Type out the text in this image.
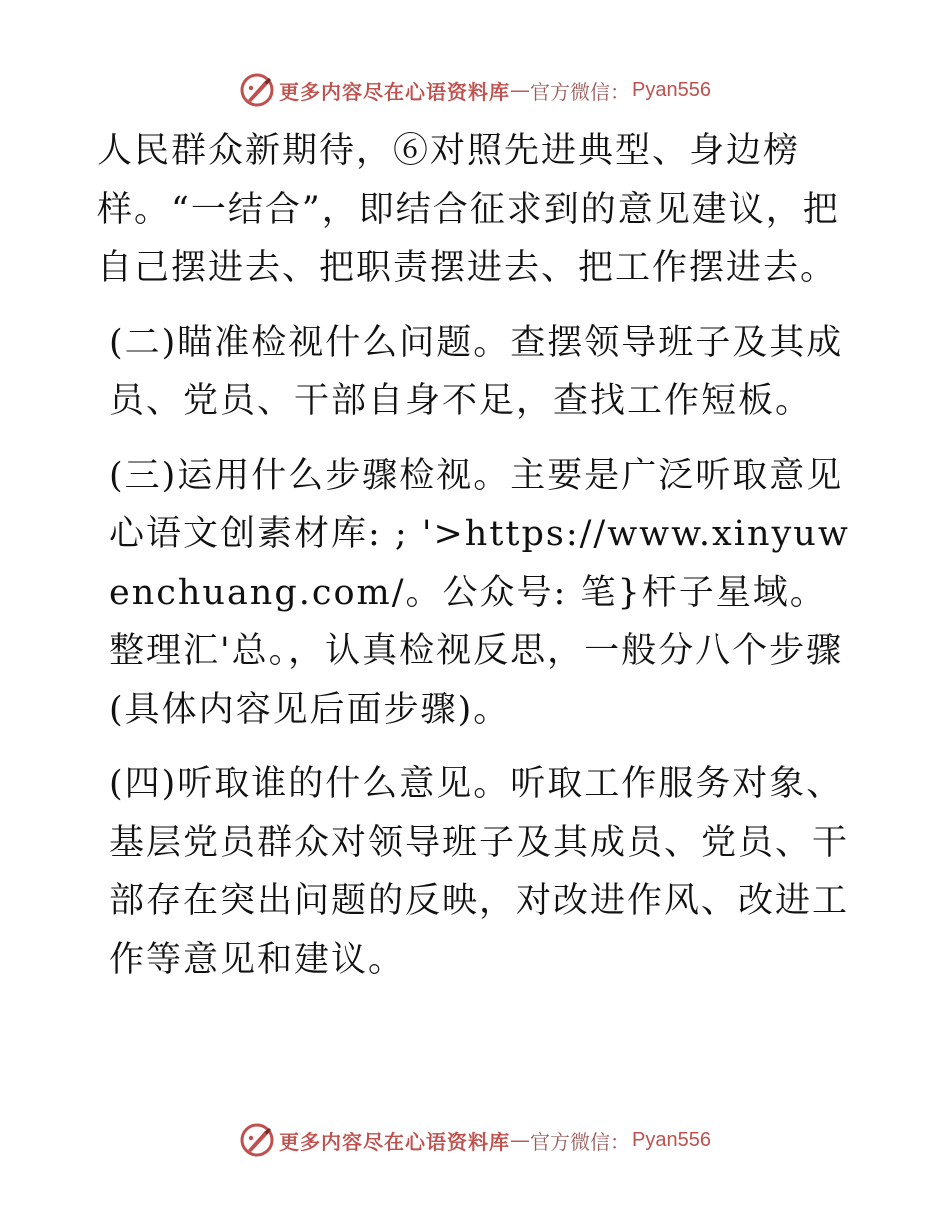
更多内容尽在心语资料库 — 官方微信： Pyan556

人民群众新期待，⑥对照先进典型、身边榜样。“一结合”，即结合征求到的意见建议，把自己摆进去、把职责摆进去、把工作摆进去。

(二)瞄准检视什么问题。查摆领导班子及其成员、党员、干部自身不足，查找工作短板。

(三)运用什么步骤检视。主要是广泛听取意见心语文创素材库: ; '>https://www.xinyuwenchuang.com/。公众号: 笔}杆子星域。整理汇'总。，认真检视反思，一般分八个步骤(具体内容见后面步骤)。

(四)听取谁的什么意见。听取工作服务对象、基层党员群众对领导班子及其成员、党员、干部存在突出问题的反映，对改进作风、改进工作等意见和建议。

更多内容尽在心语资料库 — 官方微信： Pyan556
